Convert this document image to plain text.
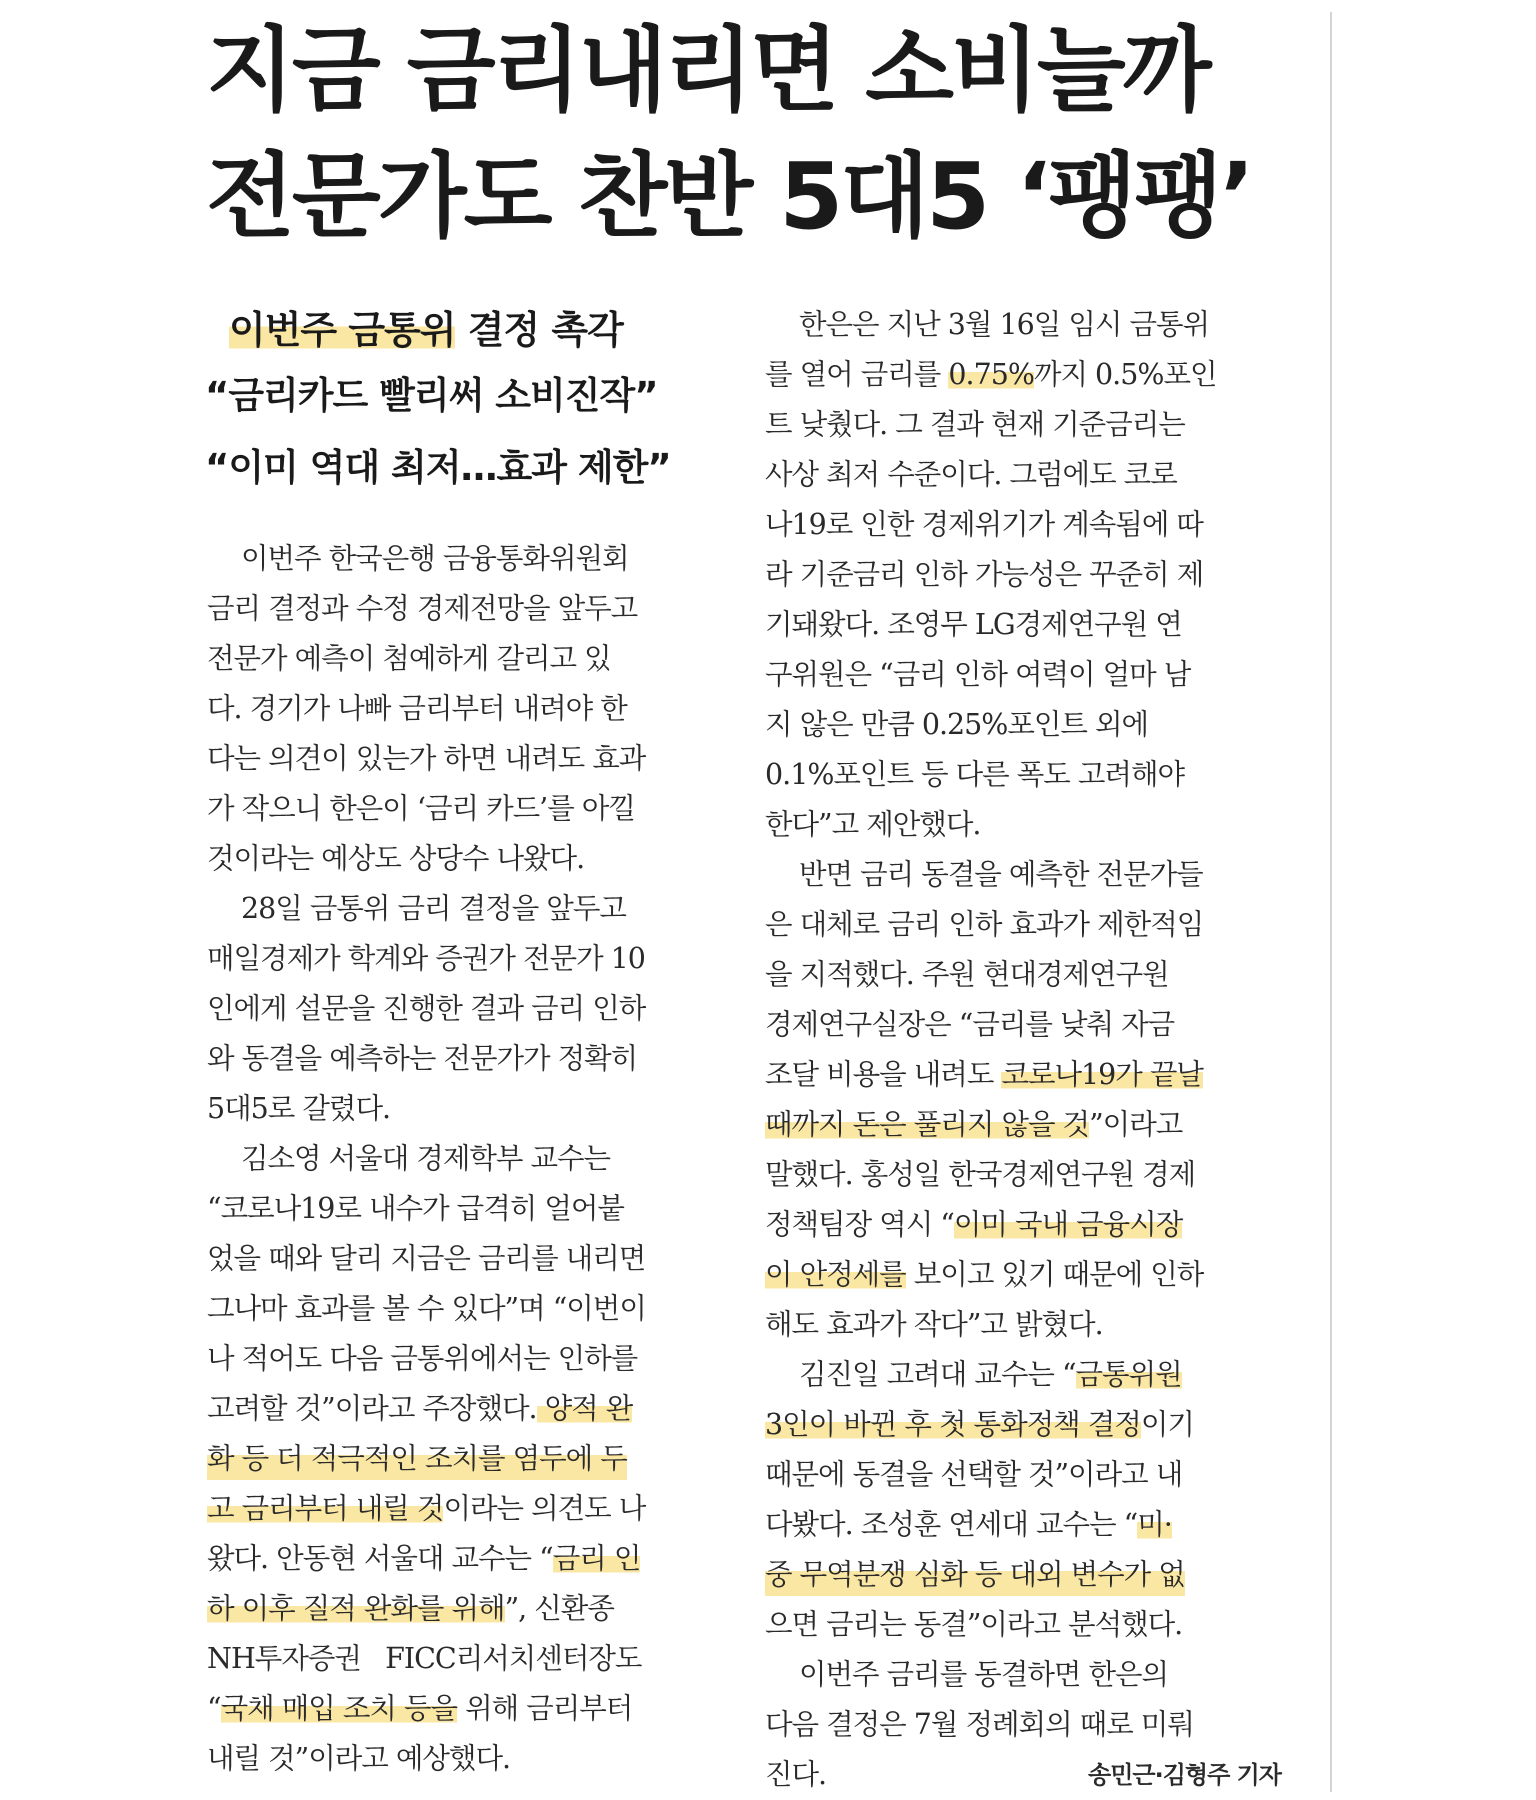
지금 금리내리면 소비늘까
전문가도 찬반 5대5 ‘팽팽’
이번주 금통위 결정 촉각
“금리카드 빨리써 소비진작”
“이미 역대 최저…효과 제한”
이번주 한국은행 금융통화위원회
금리 결정과 수정 경제전망을 앞두고
전문가 예측이 첨예하게 갈리고 있
다. 경기가 나빠 금리부터 내려야 한
다는 의견이 있는가 하면 내려도 효과
가 작으니 한은이 ‘금리 카드’를 아낄
것이라는 예상도 상당수 나왔다.
28일 금통위 금리 결정을 앞두고
매일경제가 학계와 증권가 전문가 10
인에게 설문을 진행한 결과 금리 인하
와 동결을 예측하는 전문가가 정확히
5대5로 갈렸다.
김소영 서울대 경제학부 교수는
“코로나19로 내수가 급격히 얼어붙
었을 때와 달리 지금은 금리를 내리면
그나마 효과를 볼 수 있다”며 “이번이
나 적어도 다음 금통위에서는 인하를
고려할 것”이라고 주장했다. 양적 완
화 등 더 적극적인 조치를 염두에 두
고 금리부터 내릴 것이라는 의견도 나
왔다. 안동현 서울대 교수는 “금리 인
하 이후 질적 완화를 위해”, 신환종
NH투자증권   FICC리서치센터장도
“국채 매입 조치 등을 위해 금리부터
내릴 것”이라고 예상했다.
한은은 지난 3월 16일 임시 금통위
를 열어 금리를 0.75%까지 0.5%포인
트 낮췄다. 그 결과 현재 기준금리는
사상 최저 수준이다. 그럼에도 코로
나19로 인한 경제위기가 계속됨에 따
라 기준금리 인하 가능성은 꾸준히 제
기돼왔다. 조영무 LG경제연구원 연
구위원은 “금리 인하 여력이 얼마 남
지 않은 만큼 0.25%포인트 외에
0.1%포인트 등 다른 폭도 고려해야
한다”고 제안했다.
반면 금리 동결을 예측한 전문가들
은 대체로 금리 인하 효과가 제한적임
을 지적했다. 주원 현대경제연구원
경제연구실장은 “금리를 낮춰 자금
조달 비용을 내려도 코로나19가 끝날
때까지 돈은 풀리지 않을 것”이라고
말했다. 홍성일 한국경제연구원 경제
정책팀장 역시 “이미 국내 금융시장
이 안정세를 보이고 있기 때문에 인하
해도 효과가 작다”고 밝혔다.
김진일 고려대 교수는 “금통위원
3인이 바뀐 후 첫 통화정책 결정이기
때문에 동결을 선택할 것”이라고 내
다봤다. 조성훈 연세대 교수는 “미·
중 무역분쟁 심화 등 대외 변수가 없
으면 금리는 동결”이라고 분석했다.
이번주 금리를 동결하면 한은의
다음 결정은 7월 정례회의 때로 미뤄
진다.	송민근·김형주 기자
